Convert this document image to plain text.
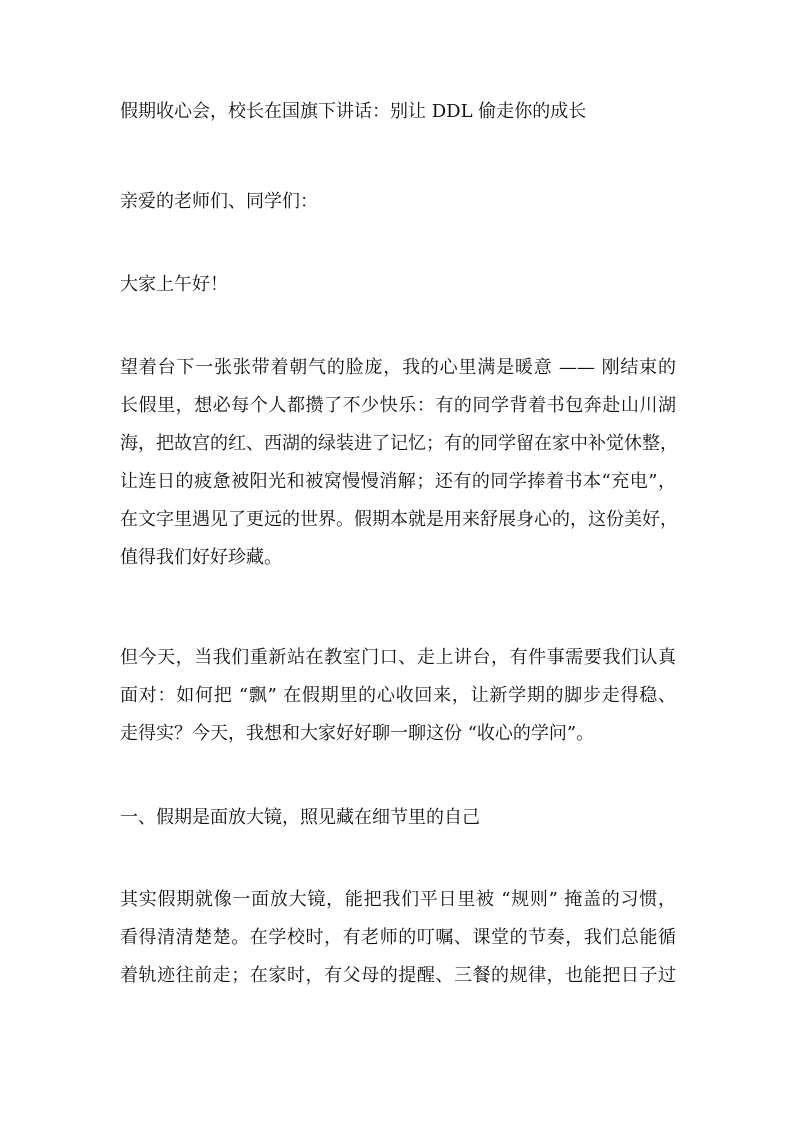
假期收心会，校长在国旗下讲话：别让 DDL 偷走你的成长
亲爱的老师们、同学们：
大家上午好！
望着台下一张张带着朝气的脸庞，我的心里满是暖意 —— 刚结束的
长假里，想必每个人都攒了不少快乐：有的同学背着书包奔赴山川湖
海，把故宫的红、西湖的绿装进了记忆；有的同学留在家中补觉休整，
让连日的疲惫被阳光和被窝慢慢消解；还有的同学捧着书本“充电”，
在文字里遇见了更远的世界。假期本就是用来舒展身心的，这份美好，
值得我们好好珍藏。
但今天，当我们重新站在教室门口、走上讲台，有件事需要我们认真
面对：如何把 “飘” 在假期里的心收回来，让新学期的脚步走得稳、
走得实？今天，我想和大家好好聊一聊这份 “收心的学问”。
一、假期是面放大镜，照见藏在细节里的自己
其实假期就像一面放大镜，能把我们平日里被 “规则” 掩盖的习惯，
看得清清楚楚。在学校时，有老师的叮嘱、课堂的节奏，我们总能循
着轨迹往前走；在家时，有父母的提醒、三餐的规律，也能把日子过
